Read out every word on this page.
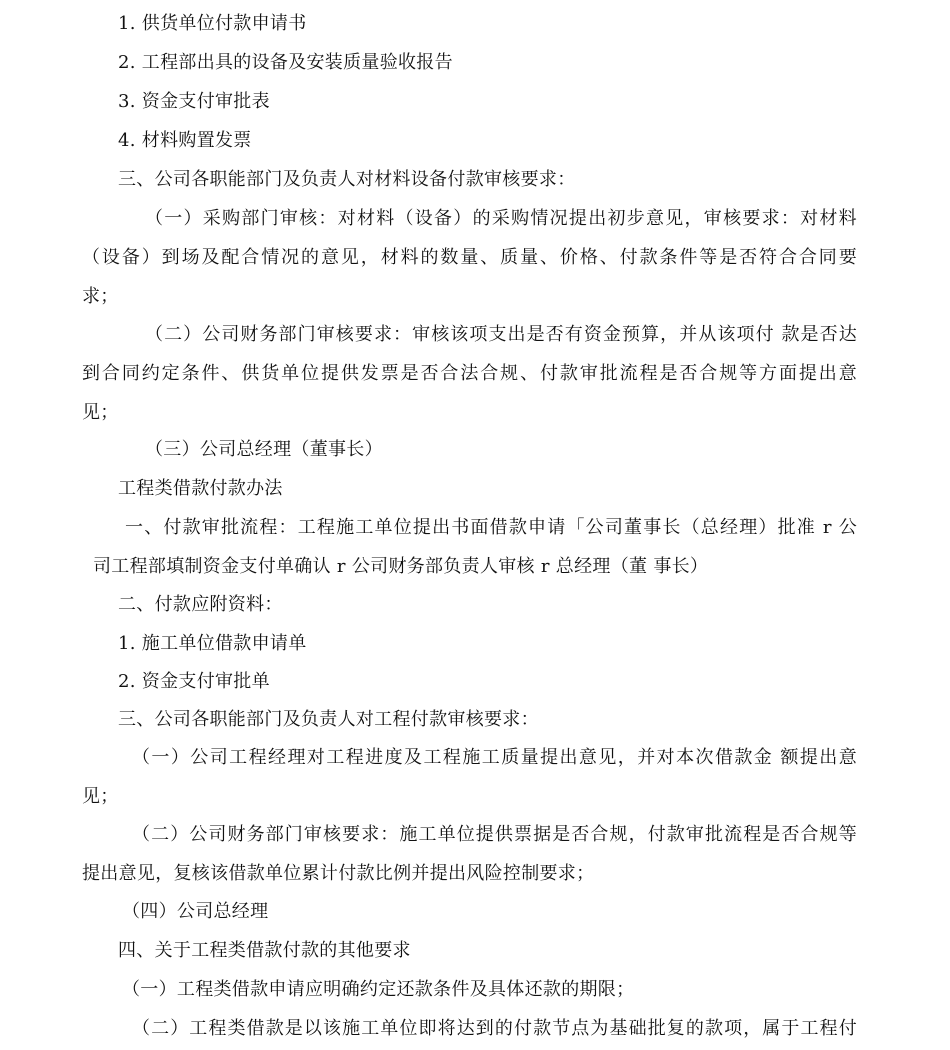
1. 供货单位付款申请书
2. 工程部出具的设备及安装质量验收报告
3. 资金支付审批表
4. 材料购置发票
三、公司各职能部门及负责人对材料设备付款审核要求：
（一）采购部门审核：对材料（设备）的采购情况提出初步意见，审核要求：对材料
（设备）到场及配合情况的意见，材料的数量、质量、价格、付款条件等是否符合合同要
求；
（二）公司财务部门审核要求：审核该项支出是否有资金预算，并从该项付 款是否达
到合同约定条件、供货单位提供发票是否合法合规、付款审批流程是否合规等方面提出意
见；
（三）公司总经理（董事长）
工程类借款付款办法
一、付款审批流程：工程施工单位提出书面借款申请「公司董事长（总经理）批准 r 公
司工程部填制资金支付单确认 r 公司财务部负责人审核 r 总经理（董 事长）
二、付款应附资料：
1. 施工单位借款申请单
2. 资金支付审批单
三、公司各职能部门及负责人对工程付款审核要求：
（一）公司工程经理对工程进度及工程施工质量提出意见，并对本次借款金 额提出意
见；
（二）公司财务部门审核要求：施工单位提供票据是否合规，付款审批流程是否合规等
提出意见，复核该借款单位累计付款比例并提出风险控制要求；
（四）公司总经理
四、关于工程类借款付款的其他要求
（一）工程类借款申请应明确约定还款条件及具体还款的期限；
（二）工程类借款是以该施工单位即将达到的付款节点为基础批复的款项，属于工程付
